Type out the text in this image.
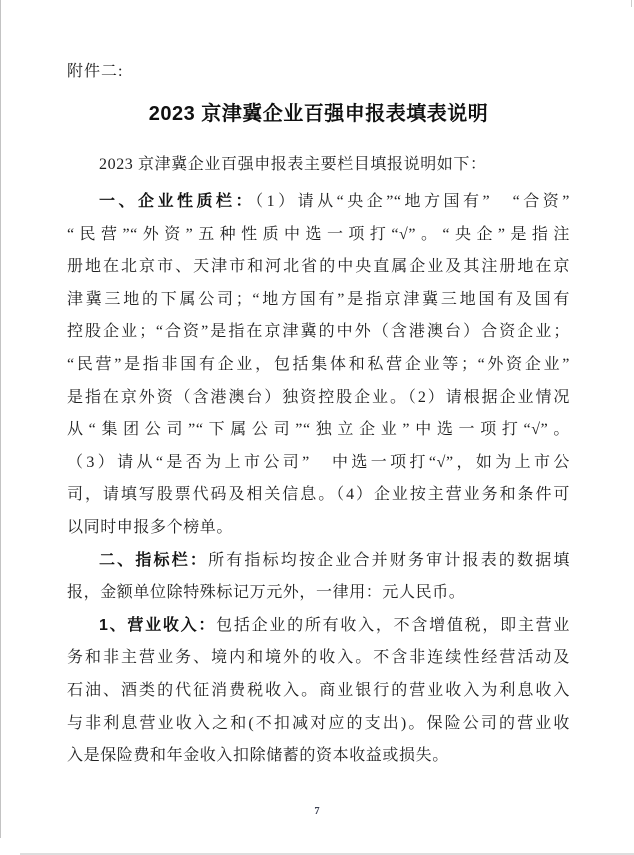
附件二:
2023 京津冀企业百强申报表填表说明
2023 京津冀企业百强申报表主要栏目填报说明如下：
一、企业性质栏：（1）请从“央企”“地方国有”　“合资”
“民营”“外资”五种性质中选一项打“√”。“央企”是指注
册地在北京市、天津市和河北省的中央直属企业及其注册地在京
津冀三地的下属公司；“地方国有”是指京津冀三地国有及国有
控股企业；“合资”是指在京津冀的中外（含港澳台）合资企业；
“民营”是指非国有企业，包括集体和私营企业等；“外资企业”
是指在京外资（含港澳台）独资控股企业。（2）请根据企业情况
从“集团公司”“下属公司”“独立企业”中选一项打“√”。
（3）请从“是否为上市公司”　中选一项打“√”，如为上市公
司，请填写股票代码及相关信息。（4）企业按主营业务和条件可
以同时申报多个榜单。
二、指标栏：所有指标均按企业合并财务审计报表的数据填
报，金额单位除特殊标记万元外，一律用：元人民币。
1、营业收入：包括企业的所有收入，不含增值税，即主营业
务和非主营业务、境内和境外的收入。不含非连续性经营活动及
石油、酒类的代征消费税收入。商业银行的营业收入为利息收入
与非利息营业收入之和(不扣减对应的支出)。保险公司的营业收
入是保险费和年金收入扣除储蓄的资本收益或损失。
7
